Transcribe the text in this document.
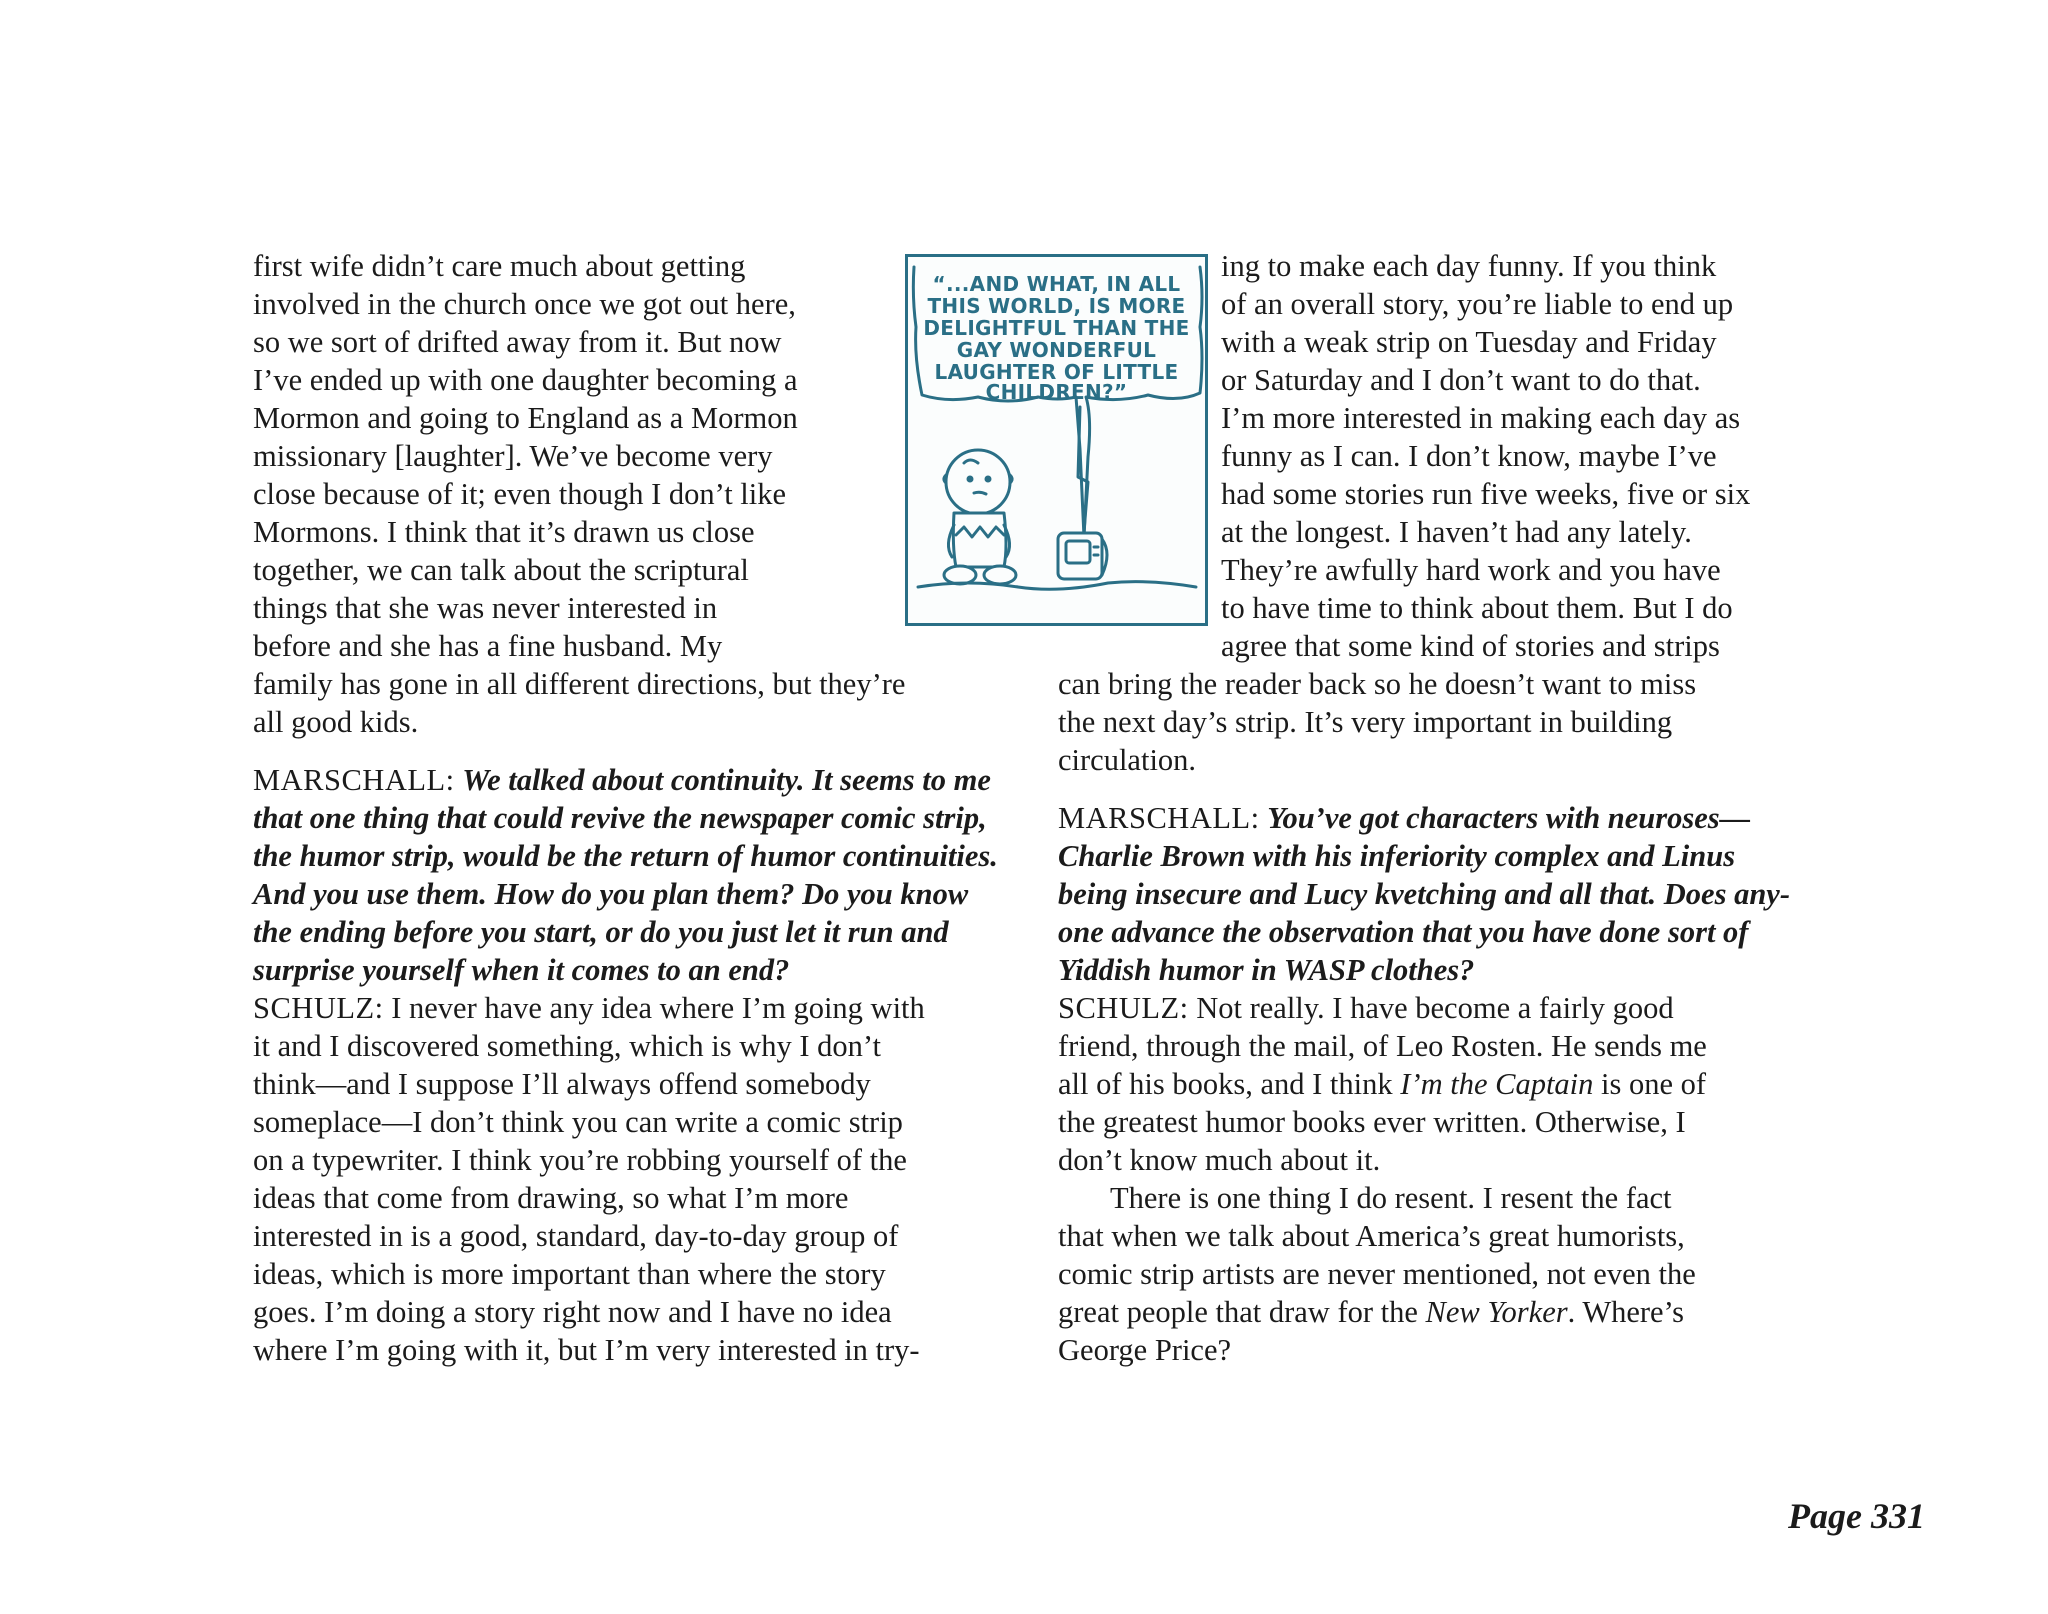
first wife didn’t care much about getting
involved in the church once we got out here,
so we sort of drifted away from it. But now
I’ve ended up with one daughter becoming a
Mormon and going to England as a Mormon
missionary [laughter]. We’ve become very
close because of it; even though I don’t like
Mormons. I think that it’s drawn us close
together, we can talk about the scriptural
things that she was never interested in
before and she has a fine husband. My
family has gone in all different directions, but they’re
all good kids.
MARSCHALL: We talked about continuity. It seems to me
that one thing that could revive the newspaper comic strip,
the humor strip, would be the return of humor continuities.
And you use them. How do you plan them? Do you know
the ending before you start, or do you just let it run and
surprise yourself when it comes to an end?
SCHULZ: I never have any idea where I’m going with
it and I discovered something, which is why I don’t
think—and I suppose I’ll always offend somebody
someplace—I don’t think you can write a comic strip
on a typewriter. I think you’re robbing yourself of the
ideas that come from drawing, so what I’m more
interested in is a good, standard, day-to-day group of
ideas, which is more important than where the story
goes. I’m doing a story right now and I have no idea
where I’m going with it, but I’m very interested in try-
“...AND WHAT, IN ALL
THIS WORLD, IS MORE
DELIGHTFUL THAN THE
GAY WONDERFUL
LAUGHTER OF LITTLE
CHILDREN?”
ing to make each day funny. If you think
of an overall story, you’re liable to end up
with a weak strip on Tuesday and Friday
or Saturday and I don’t want to do that.
I’m more interested in making each day as
funny as I can. I don’t know, maybe I’ve
had some stories run five weeks, five or six
at the longest. I haven’t had any lately.
They’re awfully hard work and you have
to have time to think about them. But I do
agree that some kind of stories and strips
can bring the reader back so he doesn’t want to miss
the next day’s strip. It’s very important in building
circulation.
MARSCHALL: You’ve got characters with neuroses—
Charlie Brown with his inferiority complex and Linus
being insecure and Lucy kvetching and all that. Does any-
one advance the observation that you have done sort of
Yiddish humor in WASP clothes?
SCHULZ: Not really. I have become a fairly good
friend, through the mail, of Leo Rosten. He sends me
all of his books, and I think I’m the Captain is one of
the greatest humor books ever written. Otherwise, I
don’t know much about it.
There is one thing I do resent. I resent the fact
that when we talk about America’s great humorists,
comic strip artists are never mentioned, not even the
great people that draw for the New Yorker. Where’s
George Price?
Page 331
